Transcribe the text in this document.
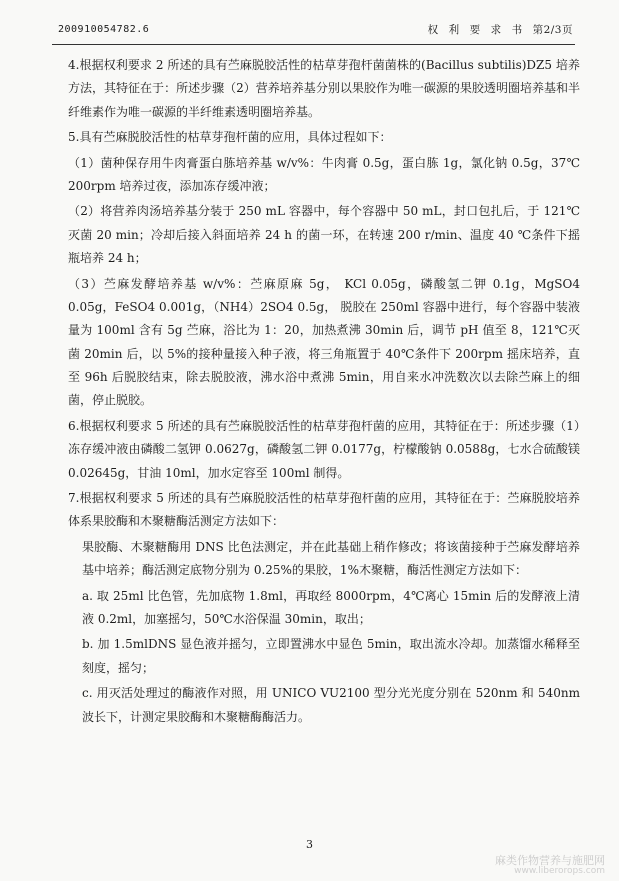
200910054782.6	权 利 要 求 书 第2/3页

4.根据权利要求 2 所述的具有苎麻脱胶活性的枯草芽孢杆菌菌株的(Bacillus subtilis)DZ5 培养方法，其特征在于：所述步骤（2）营养培养基分别以果胶作为唯一碳源的果胶透明圈培养基和半纤维素作为唯一碳源的半纤维素透明圈培养基。

5.具有苎麻脱胶活性的枯草芽孢杆菌的应用，具体过程如下：

（1）菌种保存用牛肉膏蛋白胨培养基 w/v%：牛肉膏 0.5g，蛋白胨 1g，氯化钠 0.5g，37℃ 200rpm 培养过夜，添加冻存缓冲液；

（2）将营养肉汤培养基分装于 250 mL 容器中，每个容器中 50 mL，封口包扎后，于 121℃灭菌 20 min；冷却后接入斜面培养 24 h 的菌一环，在转速 200 r/min、温度 40 ℃条件下摇瓶培养 24 h；

（3）苎麻发酵培养基 w/v%：苎麻原麻 5g， KCl 0.05g，磷酸氢二钾 0.1g，MgSO4 0.05g，FeSO4 0.001g，（NH4）2SO4 0.5g， 脱胶在 250ml 容器中进行，每个容器中装液量为 100ml 含有 5g 苎麻，浴比为 1：20，加热煮沸 30min 后，调节 pH 值至 8，121℃灭菌 20min 后，以 5%的接种量接入种子液，将三角瓶置于 40℃条件下 200rpm 摇床培养，直至 96h 后脱胶结束，除去脱胶液，沸水浴中煮沸 5min，用自来水冲洗数次以去除苎麻上的细菌，停止脱胶。

6.根据权利要求 5 所述的具有苎麻脱胶活性的枯草芽孢杆菌的应用，其特征在于：所述步骤（1）冻存缓冲液由磷酸二氢钾 0.0627g，磷酸氢二钾 0.0177g，柠檬酸钠 0.0588g，七水合硫酸镁 0.02645g，甘油 10ml，加水定容至 100ml 制得。

7.根据权利要求 5 所述的具有苎麻脱胶活性的枯草芽孢杆菌的应用，其特征在于：苎麻脱胶培养体系果胶酶和木聚糖酶活测定方法如下：

果胶酶、木聚糖酶用 DNS 比色法测定，并在此基础上稍作修改；将该菌接种于苎麻发酵培养基中培养；酶活测定底物分别为 0.25%的果胶，1%木聚糖，酶活性测定方法如下：

a. 取 25ml 比色管，先加底物 1.8ml，再取经 8000rpm，4℃离心 15min 后的发酵液上清液 0.2ml，加塞摇匀，50℃水浴保温 30min，取出；

b. 加 1.5mlDNS 显色液并摇匀，立即置沸水中显色 5min，取出流水冷却。加蒸馏水稀释至刻度，摇匀；

c. 用灭活处理过的酶液作对照，用 UNICO VU2100 型分光光度分别在 520nm 和 540nm 波长下，计测定果胶酶和木聚糖酶酶活力。

3
麻类作物营养与施肥网
www.liberorops.com
